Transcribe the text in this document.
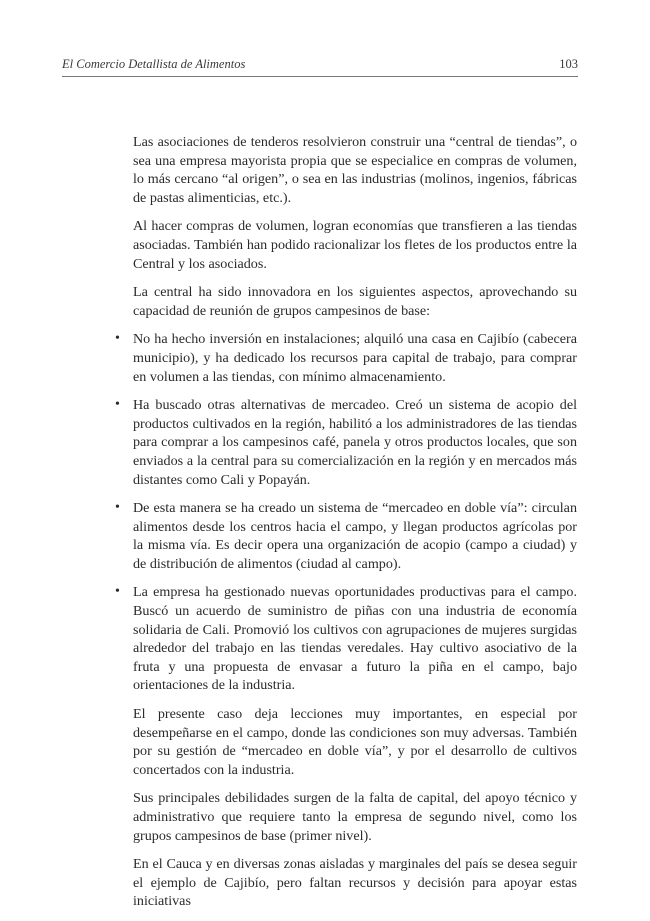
El Comercio Detallista de Alimentos	103

Las asociaciones de tenderos resolvieron construir una “central de tiendas”, o sea una empresa mayorista propia que se especialice en compras de volumen, lo más cercano “al origen”, o sea en las industrias (molinos, ingenios, fábricas de pastas alimenticias, etc.).

Al hacer compras de volumen, logran economías que transfieren a las tiendas asociadas. También han podido racionalizar los fletes de los productos entre la Central y los asociados.

La central ha sido innovadora en los siguientes aspectos, aprovechando su capacidad de reunión de grupos campesinos de base:

• No ha hecho inversión en instalaciones; alquiló una casa en Cajibío (cabecera municipio), y ha dedicado los recursos para capital de trabajo, para comprar en volumen a las tiendas, con mínimo almacenamiento.
• Ha buscado otras alternativas de mercadeo. Creó un sistema de acopio del productos cultivados en la región, habilitó a los administradores de las tiendas para comprar a los campesinos café, panela y otros productos locales, que son enviados a la central para su comercialización en la región y en mercados más distantes como Cali y Popayán.
• De esta manera se ha creado un sistema de “mercadeo en doble vía”: circulan alimentos desde los centros hacia el campo, y llegan productos agrícolas por la misma vía. Es decir opera una organización de acopio (campo a ciudad) y de distribución de alimentos (ciudad al campo).
• La empresa ha gestionado nuevas oportunidades productivas para el campo. Buscó un acuerdo de suministro de piñas con una industria de economía solidaria de Cali. Promovió los cultivos con agrupaciones de mujeres surgidas alrededor del trabajo en las tiendas veredales. Hay cultivo asociativo de la fruta y una propuesta de envasar a futuro la piña en el campo, bajo orientaciones de la industria.

El presente caso deja lecciones muy importantes, en especial por desempeñarse en el campo, donde las condiciones son muy adversas. También por su gestión de “mercadeo en doble vía”, y por el desarrollo de cultivos concertados con la industria.

Sus principales debilidades surgen de la falta de capital, del apoyo técnico y administrativo que requiere tanto la empresa de segundo nivel, como los grupos campesinos de base (primer nivel).

En el Cauca y en diversas zonas aisladas y marginales del país se desea seguir el ejemplo de Cajibío, pero faltan recursos y decisión para apoyar estas iniciativas
